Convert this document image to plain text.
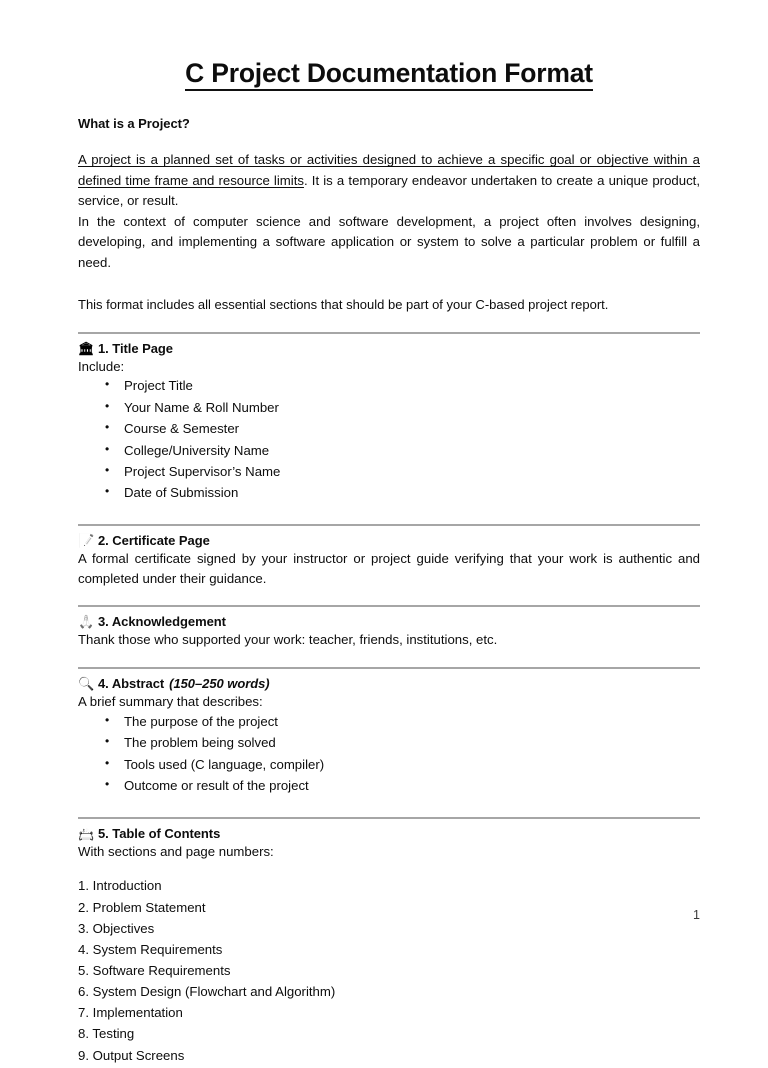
C Project Documentation Format
What is a Project?

A project is a planned set of tasks or activities designed to achieve a specific goal or objective within a defined time frame and resource limits. It is a temporary endeavor undertaken to create a unique product, service, or result.

In the context of computer science and software development, a project often involves designing, developing, and implementing a software application or system to solve a particular problem or fulfill a need.

This format includes all essential sections that should be part of your C-based project report.

🏛 1. Title Page

Include:

• Project Title
• Your Name & Roll Number
• Course & Semester
• College/University Name
• Project Supervisor’s Name
• Date of Submission
📝 2. Certificate Page

A formal certificate signed by your instructor or project guide verifying that your work is authentic and completed under their guidance.

🙏 3. Acknowledgement

Thank those who supported your work: teacher, friends, institutions, etc.

🔍 4. Abstract (150–250 words)

A brief summary that describes:

• The purpose of the project
• The problem being solved
• Tools used (C language, compiler)
• Outcome or result of the project
📇 5. Table of Contents

With sections and page numbers:

1. Introduction
2. Problem Statement
3. Objectives
4. System Requirements
5. Software Requirements
6. System Design (Flowchart and Algorithm)
7. Implementation
8. Testing
9. Output Screens
1
